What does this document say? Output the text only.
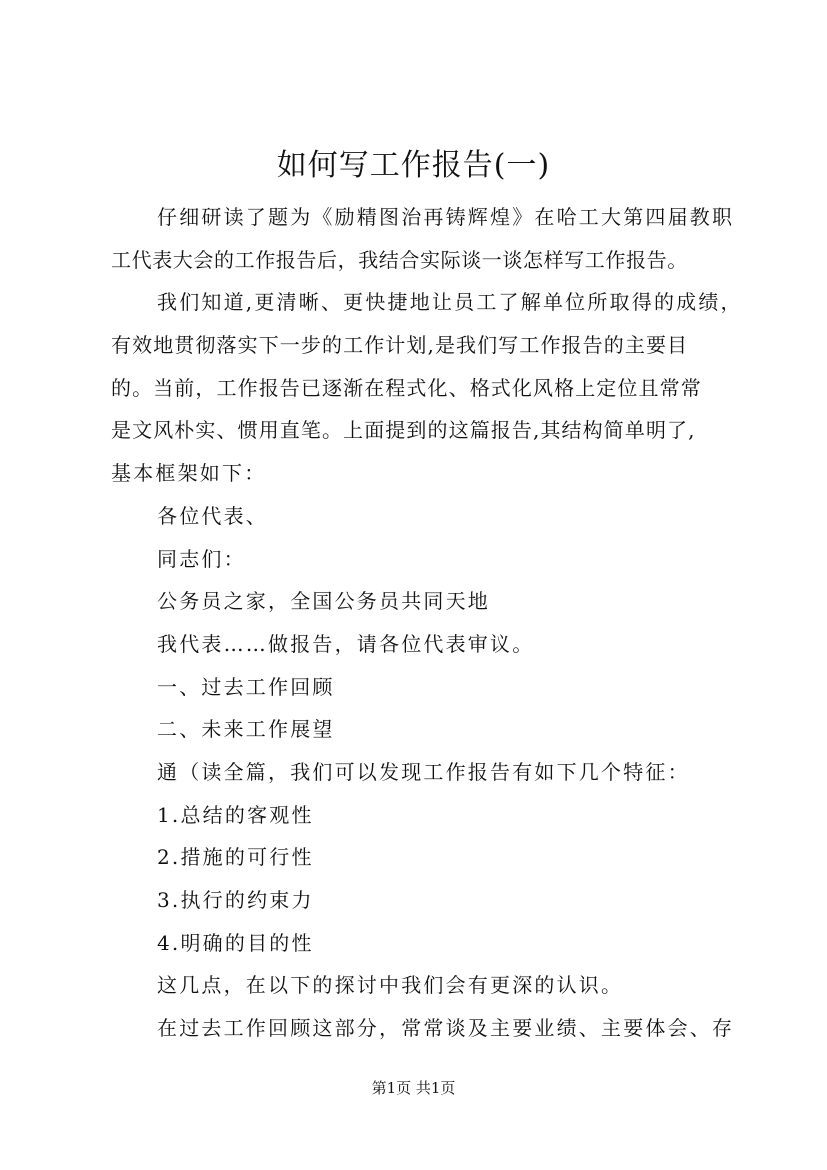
如何写工作报告(一)
仔细研读了题为《励精图治再铸辉煌》在哈工大第四届教职
工代表大会的工作报告后，我结合实际谈一谈怎样写工作报告。
我们知道,更清晰、更快捷地让员工了解单位所取得的成绩，
有效地贯彻落实下一步的工作计划,是我们写工作报告的主要目
的。当前，工作报告已逐渐在程式化、格式化风格上定位且常常
是文风朴实、惯用直笔。上面提到的这篇报告,其结构简单明了,
基本框架如下：
各位代表、
同志们：
公务员之家，全国公务员共同天地
我代表……做报告，请各位代表审议。
一、过去工作回顾
二、未来工作展望
通（读全篇，我们可以发现工作报告有如下几个特征：
1.总结的客观性
2.措施的可行性
3.执行的约束力
4.明确的目的性
这几点，在以下的探讨中我们会有更深的认识。
在过去工作回顾这部分，常常谈及主要业绩、主要体会、存
第1页 共1页
